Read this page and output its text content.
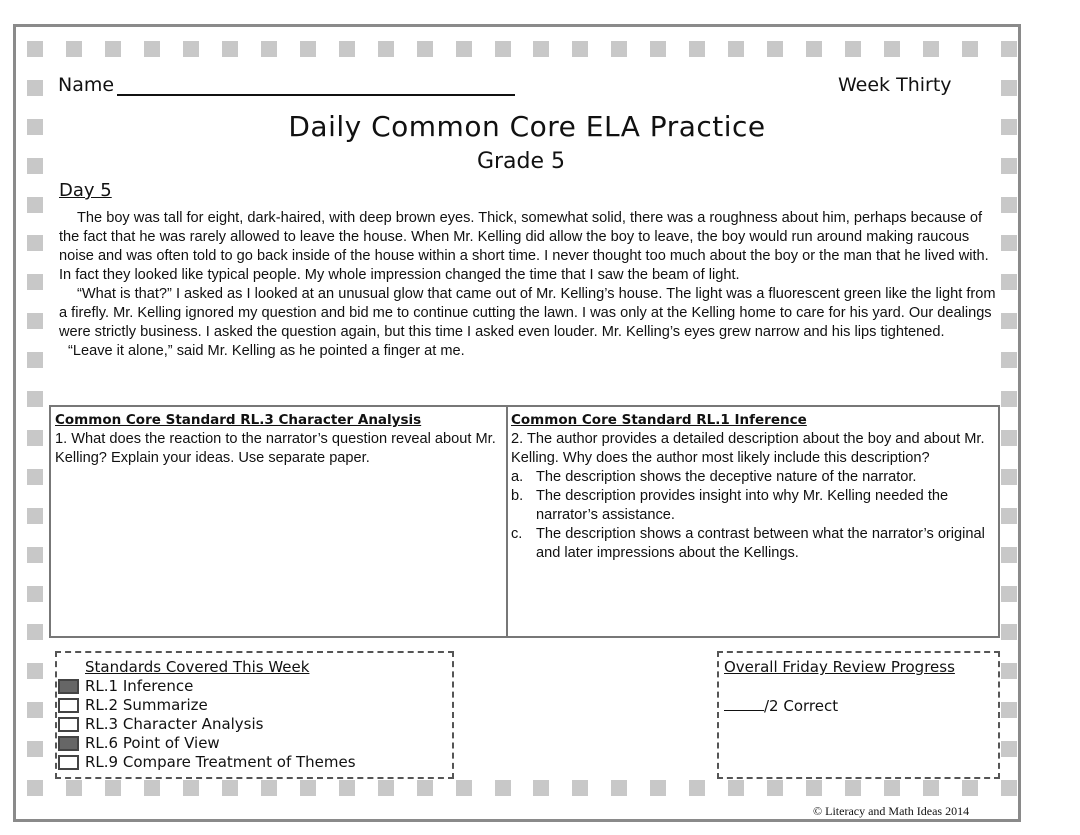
Name	Week Thirty
Daily Common Core ELA Practice
Grade 5
Day 5

The boy was tall for eight, dark-haired, with deep brown eyes. Thick, somewhat solid, there was a roughness about him, perhaps because of the fact that he was rarely allowed to leave the house. When Mr. Kelling did allow the boy to leave, the boy would run around making raucous noise and was often told to go back inside of the house within a short time. I never thought too much about the boy or the man that he lived with. In fact they looked like typical people. My whole impression changed the time that I saw the beam of light.

“What is that?” I asked as I looked at an unusual glow that came out of Mr. Kelling’s house. The light was a fluorescent green like the light from a firefly. Mr. Kelling ignored my question and bid me to continue cutting the lawn. I was only at the Kelling home to care for his yard. Our dealings were strictly business. I asked the question again, but this time I asked even louder. Mr. Kelling’s eyes grew narrow and his lips tightened.

“Leave it alone,” said Mr. Kelling as he pointed a finger at me.

Common Core Standard RL.3 Character Analysis
1. What does the reaction to the narrator’s question reveal about Mr. Kelling? Explain your ideas. Use separate paper.
Common Core Standard RL.1 Inference
2. The author provides a detailed description about the boy and about Mr. Kelling. Why does the author most likely include this description?
a. The description shows the deceptive nature of the narrator.
b. The description provides insight into why Mr. Kelling needed the narrator’s assistance.
c. The description shows a contrast between what the narrator’s original and later impressions about the Kellings.
Standards Covered This Week
RL.1 Inference
RL.2 Summarize
RL.3 Character Analysis
RL.6 Point of View
RL.9 Compare Treatment of Themes
Overall Friday Review Progress
/2 Correct
© Literacy and Math Ideas 2014
